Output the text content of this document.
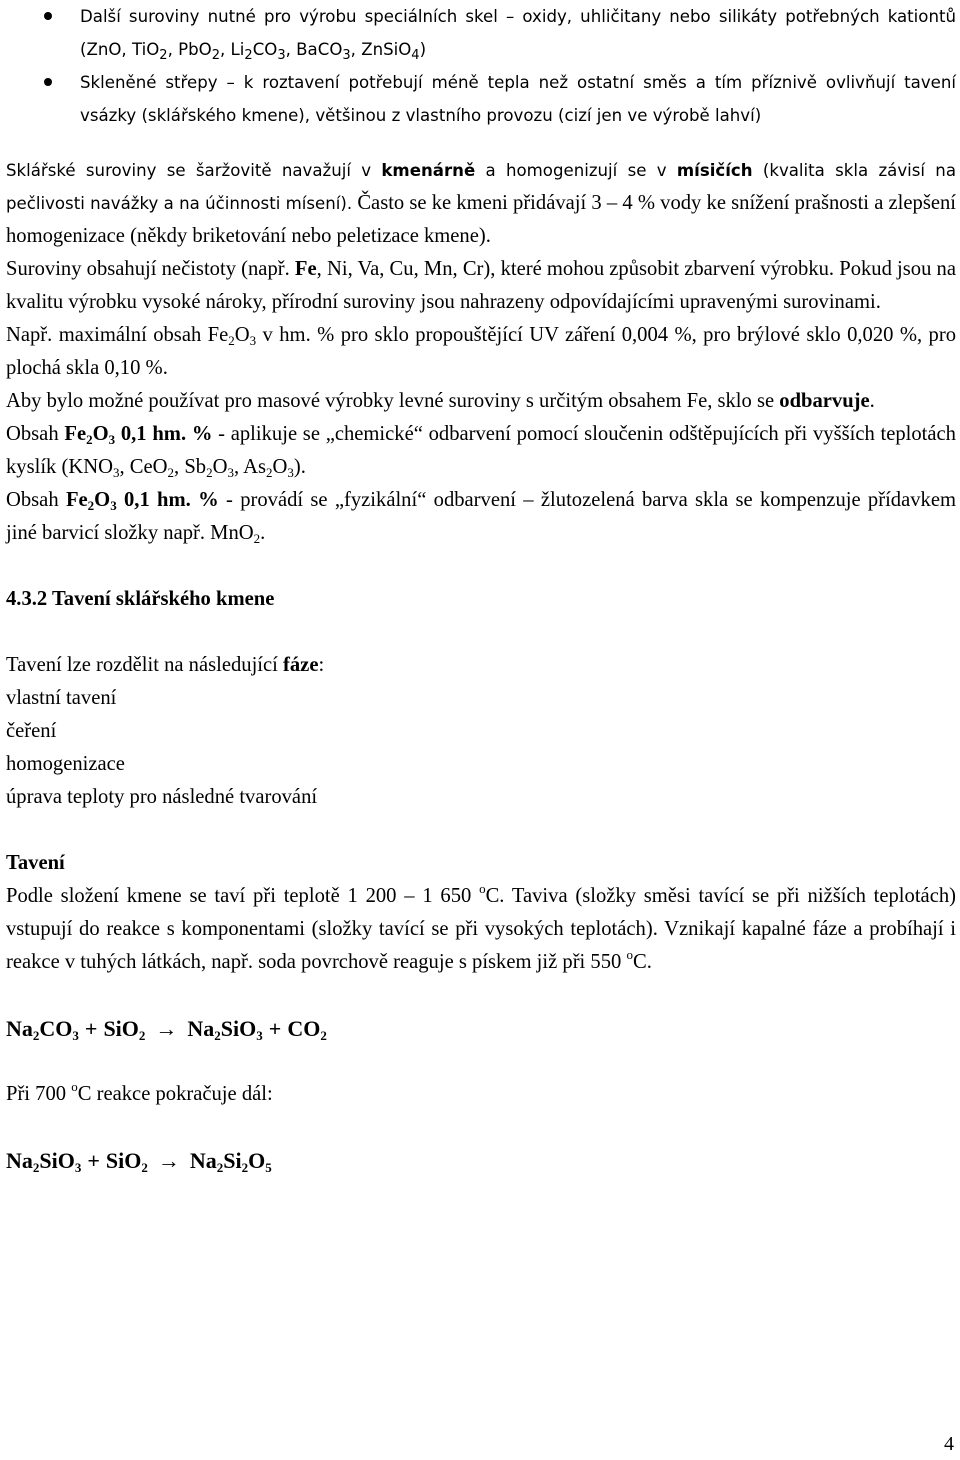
Další suroviny nutné pro výrobu speciálních skel – oxidy, uhličitany nebo silikáty potřebných kationtů (ZnO, TiO$_2$, PbO$_2$, $Li_2CO_3$, BaCO$_3$, ZnSiO$_4$)
Skleněné střepy – k roztavení potřebují méně tepla než ostatní směs a tím příznivě ovlivňují tavení vsázky (sklářského kmene), většinou z vlastního provozu (cizí jen ve výrobě lahví)

Sklářské suroviny se šaržovitě navažují v kmenárně a homogenizují se v mísičích (kvalita skla závisí na pečlivosti navážky a na účinnosti mísení). Často se ke kmeni přidávají 3 – 4 % vody ke snížení prašnosti a zlepšení homogenizace (někdy briketování nebo peletizace kmene).

Suroviny obsahují nečistoty (např. Fe, Ni, Va, Cu, Mn, Cr), které mohou způsobit zbarvení výrobku. Pokud jsou na kvalitu výrobku vysoké nároky, přírodní suroviny jsou nahrazeny odpovídajícími upravenými surovinami.

Např. maximální obsah $Fe_2O_3$ v hm. % pro sklo propouštějící UV záření 0,004 %, pro brýlové sklo 0,020 %, pro plochá skla 0,10 %.

Aby bylo možné používat pro masové výrobky levné suroviny s určitým obsahem Fe, sklo se odbarvuje.

Obsah $Fe_2O_3$ 0,1 hm. % - aplikuje se „chemické“ odbarvení pomocí sloučenin odštěpujících při vyšších teplotách kyslík ($KNO_3$, CeO$_2$, $Sb_2O_3$, $As_2O_3$).

Obsah $Fe_2O_3$ 0,1 hm. % - provádí se „fyzikální“ odbarvení – žlutozelená barva skla se kompenzuje přídavkem jiné barvicí složky např. MnO$_2$.

4.3.2 Tavení sklářského kmene

Tavení lze rozdělit na následující fáze:

vlastní tavení

čeření

homogenizace

úprava teploty pro následné tvarování

Tavení

Podle složení kmene se taví při teplotě 1 200 – 1 650 $^o$C. Taviva (složky směsi tavící se při nižších teplotách) vstupují do reakce s komponentami (složky tavící se při vysokých teplotách). Vznikají kapalné fáze a probíhají i reakce v tuhých látkách, např. soda povrchově reaguje s pískem již při 550 $^o$C.

$Na_2CO_3 + SiO_2 \to Na_2SiO_3 + CO_2$

Při 700 $^o$C reakce pokračuje dál:

$Na_2SiO_3 + SiO_2 \to Na_2Si_2O_5$

4
